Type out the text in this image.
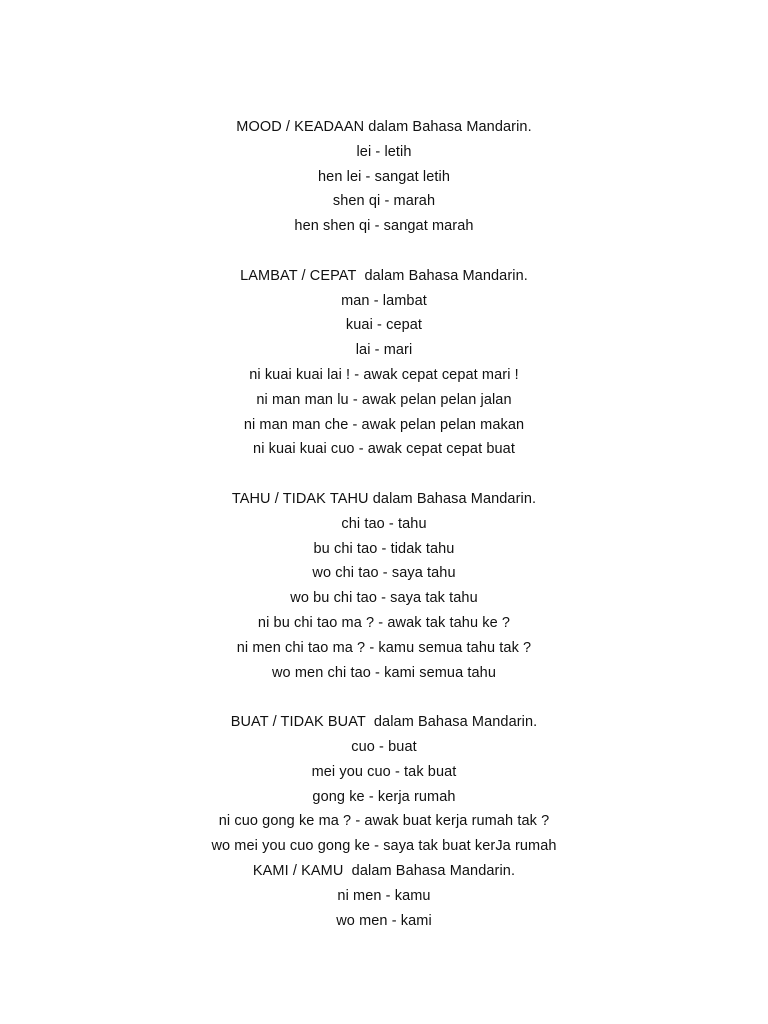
MOOD / KEADAAN dalam Bahasa Mandarin.
lei - letih
hen lei - sangat letih
shen qi - marah
hen shen qi - sangat marah
LAMBAT / CEPAT  dalam Bahasa Mandarin.
man - lambat
kuai - cepat
lai - mari
ni kuai kuai lai ! - awak cepat cepat mari !
ni man man lu - awak pelan pelan jalan
ni man man che - awak pelan pelan makan
ni kuai kuai cuo - awak cepat cepat buat
TAHU / TIDAK TAHU dalam Bahasa Mandarin.
chi tao - tahu
bu chi tao - tidak tahu
wo chi tao - saya tahu
wo bu chi tao - saya tak tahu
ni bu chi tao ma ? - awak tak tahu ke ?
ni men chi tao ma ? - kamu semua tahu tak ?
wo men chi tao - kami semua tahu
BUAT / TIDAK BUAT  dalam Bahasa Mandarin.
cuo - buat
mei you cuo - tak buat
gong ke - kerja rumah
ni cuo gong ke ma ? - awak buat kerja rumah tak ?
wo mei you cuo gong ke - saya tak buat kerJa rumah
KAMI / KAMU  dalam Bahasa Mandarin.
ni men - kamu
wo men - kami
